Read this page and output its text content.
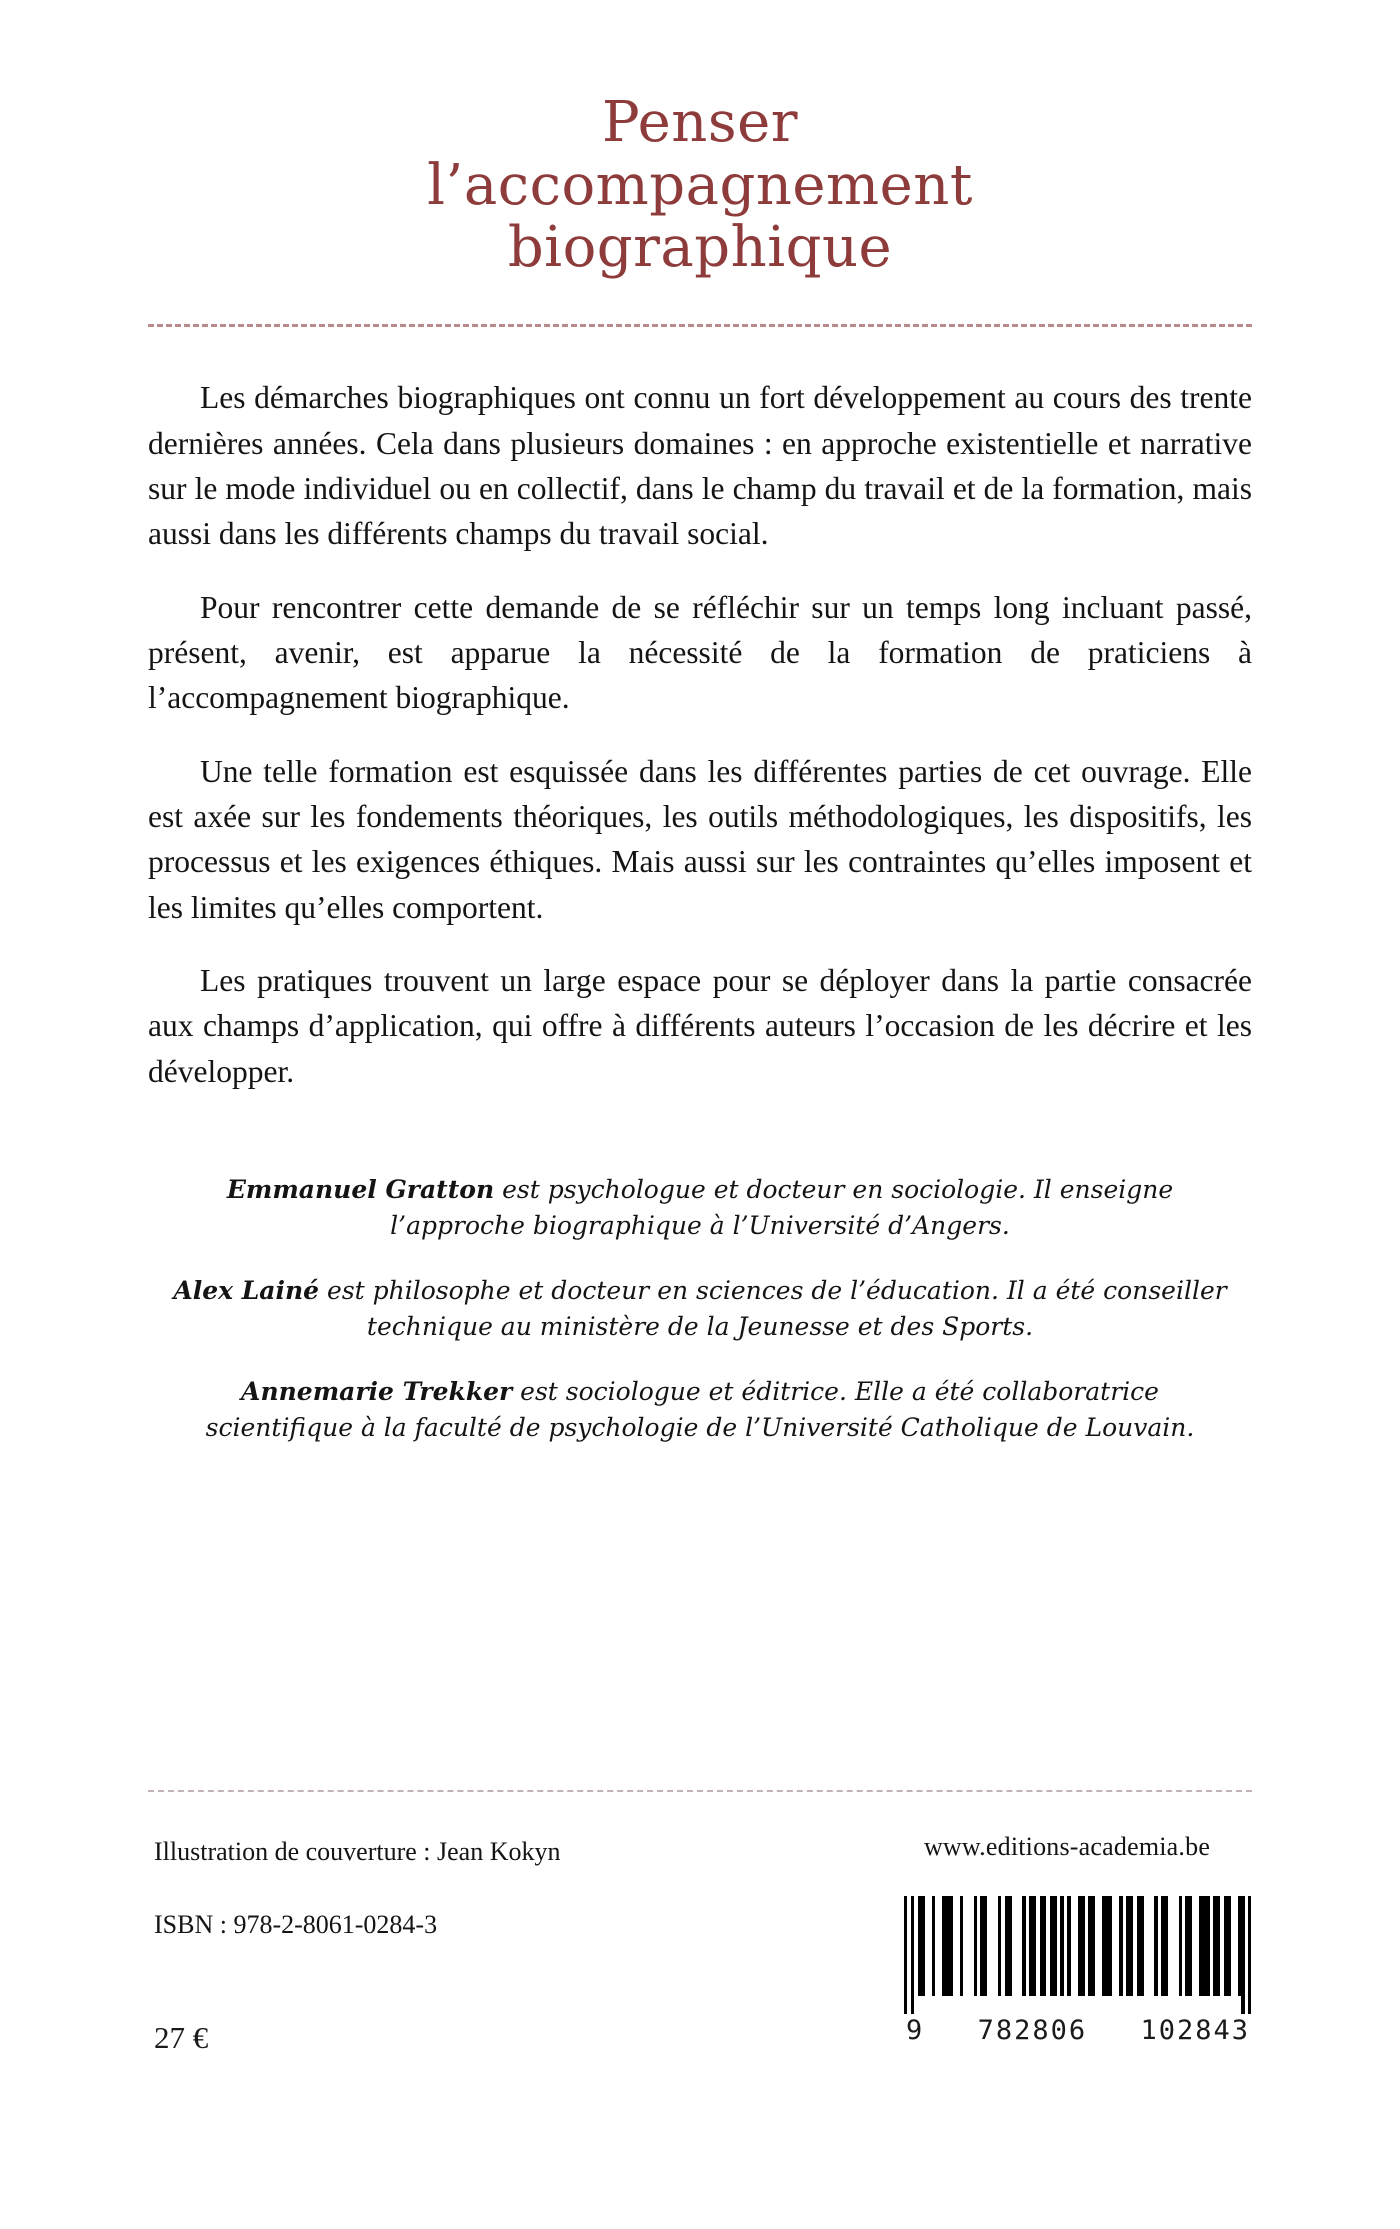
Penser
l’accompagnement
biographique

Les démarches biographiques ont connu un fort développement au cours des trente dernières années. Cela dans plusieurs domaines : en approche existentielle et narrative sur le mode individuel ou en collectif, dans le champ du travail et de la formation, mais aussi dans les différents champs du travail social.

Pour rencontrer cette demande de se réfléchir sur un temps long incluant passé, présent, avenir, est apparue la nécessité de la formation de praticiens à l’accompagnement biographique.

Une telle formation est esquissée dans les différentes parties de cet ouvrage. Elle est axée sur les fondements théoriques, les outils méthodologiques, les dispositifs, les processus et les exigences éthiques. Mais aussi sur les contraintes qu’elles imposent et les limites qu’elles comportent.

Les pratiques trouvent un large espace pour se déployer dans la partie consacrée aux champs d’application, qui offre à différents auteurs l’occasion de les décrire et les développer.

Emmanuel Gratton est psychologue et docteur en sociologie. Il enseigne l’approche biographique à l’Université d’Angers.
Alex Lainé est philosophe et docteur en sciences de l’éducation. Il a été conseiller technique au ministère de la Jeunesse et des Sports.
Annemarie Trekker est sociologue et éditrice. Elle a été collaboratrice scientifique à la faculté de psychologie de l’Université Catholique de Louvain.
Illustration de couverture : Jean Kokyn
ISBN : 978-2-8061-0284-3
27 €
www.editions-academia.be
9 782806 102843
